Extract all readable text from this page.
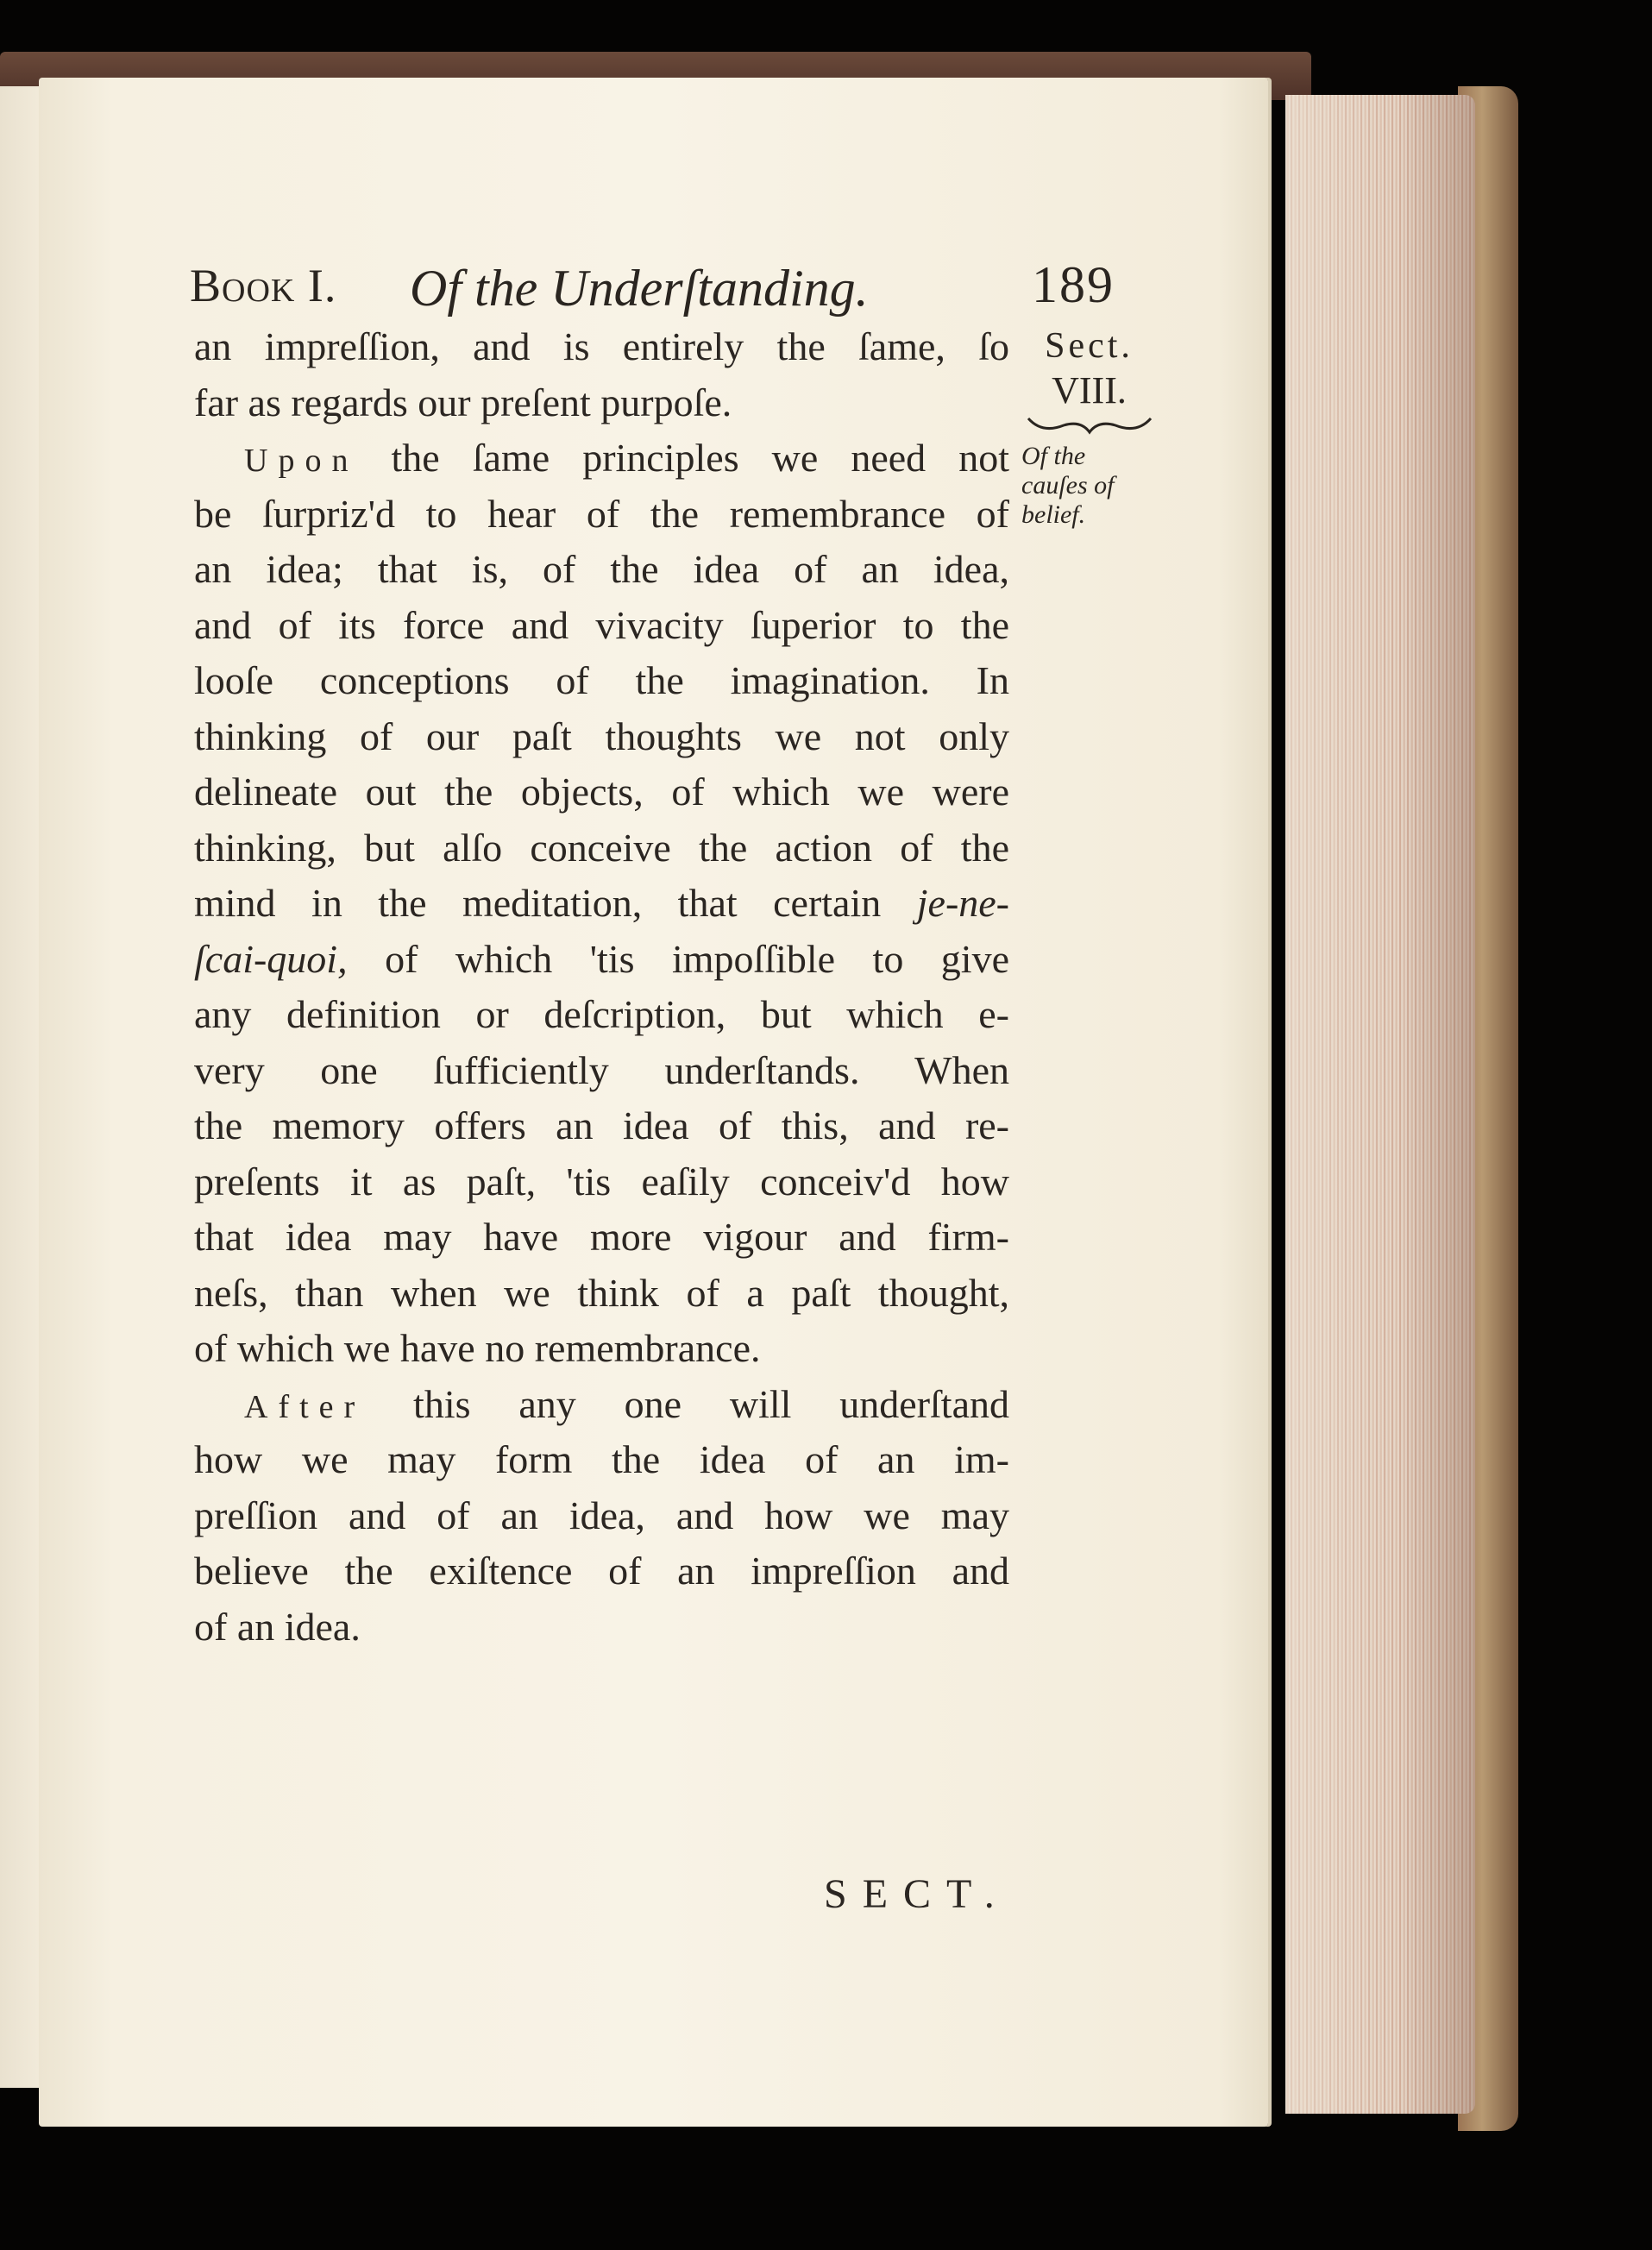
Book I. Of the Underſtanding.	189
an impreſſion, and is entirely the ſame, ſo
far as regards our preſent purpoſe.
Upon the ſame principles we need not
be ſurpriz'd to hear of the remembrance of
an idea; that is, of the idea of an idea,
and of its force and vivacity ſuperior to the
looſe conceptions of the imagination. In
thinking of our paſt thoughts we not only
delineate out the objects, of which we were
thinking, but alſo conceive the action of the
mind in the meditation, that certain je-ne-
ſcai-quoi, of which 'tis impoſſible to give
any definition or deſcription, but which e-
very one ſufficiently underſtands. When
the memory offers an idea of this, and re-
preſents it as paſt, 'tis eaſily conceiv'd how
that idea may have more vigour and firm-
neſs, than when we think of a paſt thought,
of which we have no remembrance.
After this any one will underſtand
how we may form the idea of an im-
preſſion and of an idea, and how we may
believe the exiſtence of an impreſſion and
of an idea.
Sect.
VIII.
Of the
cauſes of
belief.
SECT.
